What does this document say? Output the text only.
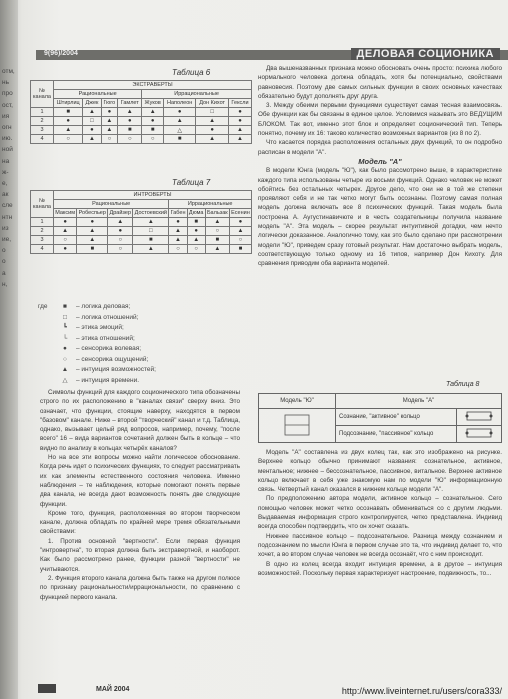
9(96)/2004	ДЕЛОВАЯ СОЦИОНИКА
отм,
нь
про
ост,
ия
огн
ию.
ной
на
ж-
е,
ак
сле
нтн
из
ие,
о
о
а
н,
Таблица 6
№ канала	ЭКСТРАВЕРТЫ							
	Рациональные				Иррациональные			
	Штирлиц	Джек	Гюго	Гамлет	Жуков	Наполеон	Дон Кихот	Гексли
1	■	▲	●	▲	▲	●	□	●
2	●	□	▲	●	●	▲	▲	●
3	▲	●	▲	■	■	△	●	▲
4	○	▲	○	○	○	■	▲	▲
Таблица 7
№ канала	ИНТРОВЕРТЫ							
	Рациональные				Иррациональные			
	Максим	Робеспьер	Драйзер	Достоевский	Габен	Дюма	Бальзак	Есенин
1	●	●	▲	▲	●	■	▲	●
2	▲	▲	●	□	▲	●	○	▲
3	○	▲	○	■	▲	▲	■	○
4	●	■	○	▲	○	○	▲	■
где ■ – логика деловая;
□ – логика отношений;
┗ – этика эмоций;
└ – этика отношений;
● – сенсорика волевая;
○ – сенсорика ощущений;
▲ – интуиция возможностей;
△ – интуиция времени.

Символы функций для каждого соционического типа обозначены строго по их расположению в "каналах связи" сверху вниз. Это означает, что функции, стоящие наверху, находятся в первом "базовом" канале. Ниже – второй "творческий" канал и т.д. Таблица, однако, вызывает целый ряд вопросов, например, почему, "после всего" 16 – вида вариантов сочетаний должен быть в кольце – что видно по анализу в кольцах четырёх каналов?

Но на все эти вопросы можно найти логическое обоснование. Когда речь идет о психических функциях, то следует рассматривать их как элементы естественного состояния человека. Именно наблюдения – те наблюдения, которые помогают понять первые два канала, не всегда дают возможность понять две следующие функции.

Кроме того, функция, расположенная во втором творческом канале, должна обладать по крайней мере тремя обязательными свойствами:

1. Против основной "вертности". Если первая функция "интровертна", то вторая должна быть экстравертной, и наоборот. Как было рассмотрено ранее, функции разной "вертности" не учитываются.

2. Функция второго канала должна быть также на другом полюсе по признаку рациональности/иррациональности, по сравнению с функцией первого канала.

Два вышеназванных признака можно обосновать очень просто: психика любого нормального человека должна обладать, хотя бы потенциально, свойствами равновесия. Поэтому две самых сильных функции в своих основных качествах обязательно будут дополнять друг друга.

3. Между обеими первыми функциями существует самая тесная взаимосвязь. Обе функции как бы связаны в единое целое. Условимся называть это ВЕДУЩИМ БЛОКОМ. Так вот, именно этот блок и определяет соционический тип. Теперь понятно, почему их 16: таково количество возможных вариантов (из 8 по 2).

Что касается порядка расположения остальных двух функций, то он подробно расписан в модели "А".

Модель "А"

В модели Юнга (модель "Ю"), как было рассмотрено выше, в характеристике каждого типа использованы четыре из восьми функций. Однако человек не может обойтись без остальных четырех. Другое дело, что они не в той же степени проявляют себя и не так четко могут быть осознаны. Поэтому самая полная модель должна включать все 8 психических функций. Такая модель была построена А. Аугустинавичюте и в честь создательницы получила название модель "А". Эта модель – скорее результат интуитивной догадки, чем нечто логически доказанное. Аналогично тому, как это было сделано при рассмотрении модели "Ю", приведем сразу готовый результат. Нам достаточно выбрать модель, соответствующую только одному из 16 типов, например Дон Кихоту. Для сравнения приводим оба варианта моделей.

Таблица 8
Модель "Ю"	Модель "А"	
	Сознание, "активное" кольцо	
	Подсознание, "пассивное" кольцо	

Модель "А" составлена из двух колец так, как это изображено на рисунке. Верхнее кольцо обычно принимают названия: сознательное, активное, ментальное; нижнее – бессознательное, пассивное, витальное. Верхнее активное кольцо включает в себя уже знакомую нам по модели "Ю" информационную связь. Четвертый канал оказался в нижнем кольце модели "А".

По предположению автора модели, активное кольцо – сознательное. Сего помощью человек может четко осознавать обмениваться со с другим людьми. Выдаваемая информация строго контролируется, четко представлена. Индивид всегда способен подтвердить, что он хочет сказать.

Нижнее пассивное кольцо – подсознательное. Разница между сознанием и подсознанием по мысли Юнга в первом случае это та, что индивид делает то, что хочет, а во втором случае человек не всегда осознаёт, что с ним происходит.

В одно из колец всегда входит интуиция времени, а в другое – интуиция возможностей. Поскольку первая характеризует настроение, подвижность, то...

МАЙ 2004	http://www.liveinternet.ru/users/cora333/
